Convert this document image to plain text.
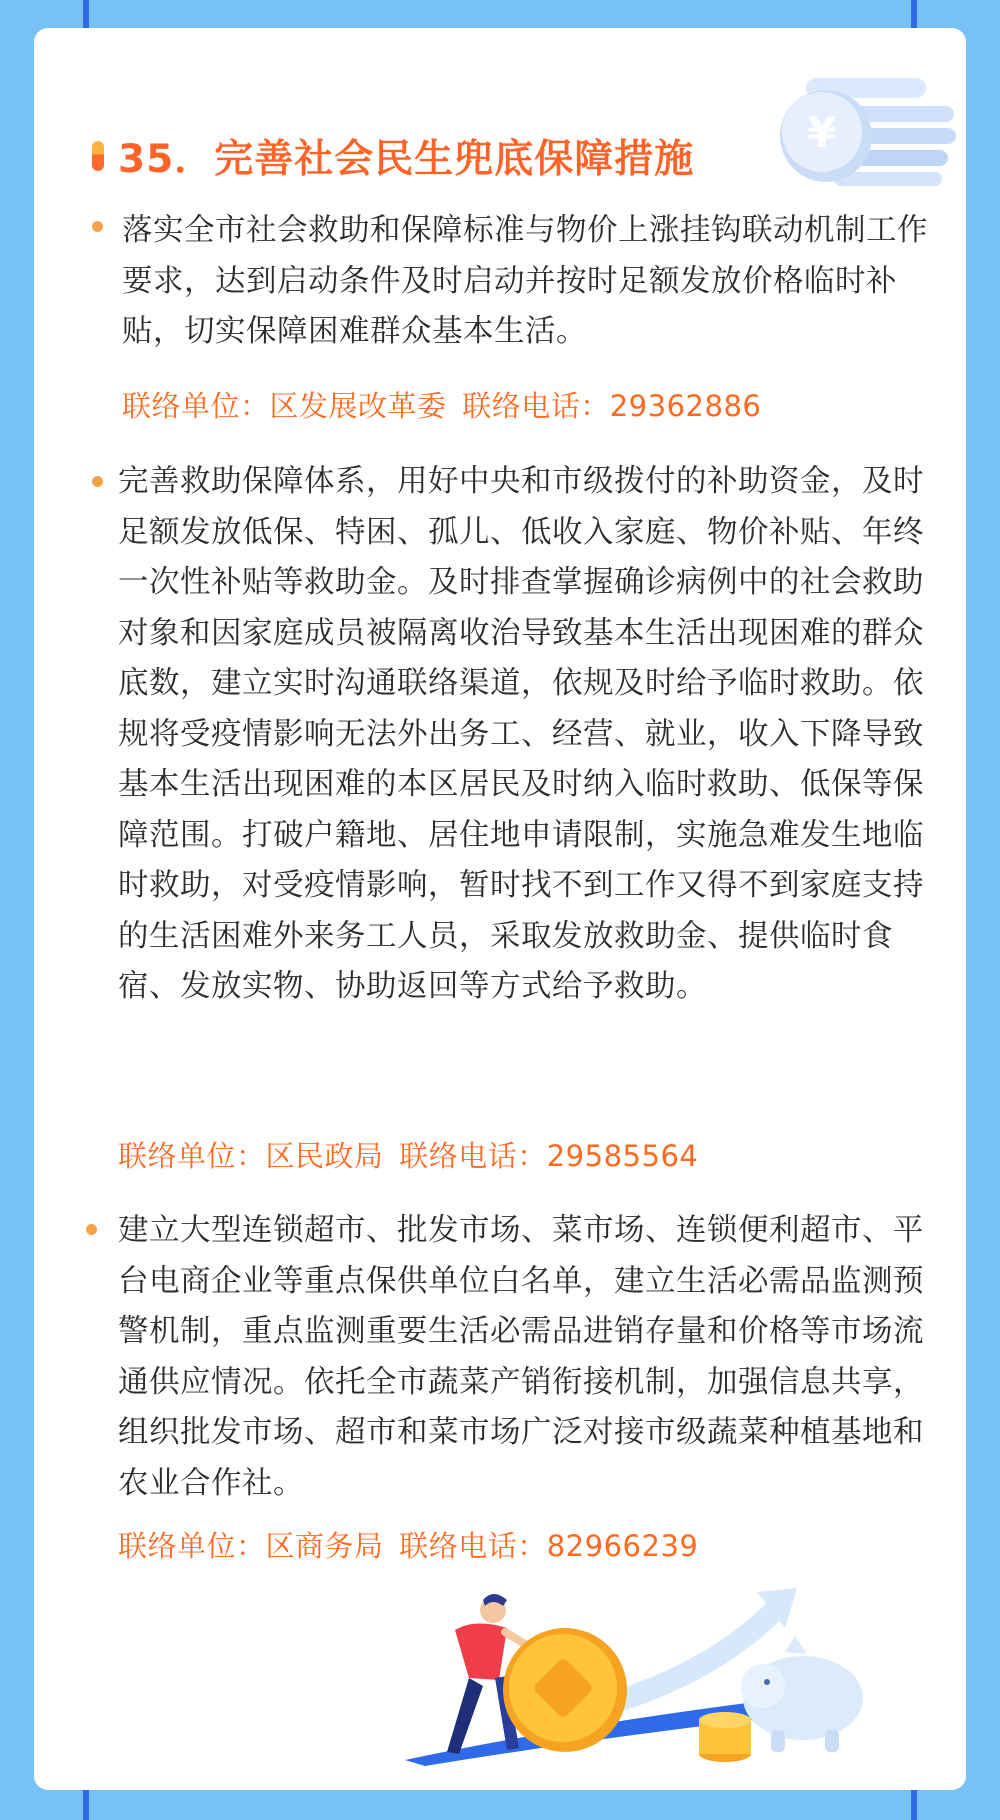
35．完善社会民生兜底保障措施
¥

落实全市社会救助和保障标准与物价上涨挂钩联动机制工作要求，达到启动条件及时启动并按时足额发放价格临时补贴，切实保障困难群众基本生活。

联络单位：区发展改革委 联络电话：29362886

完善救助保障体系，用好中央和市级拨付的补助资金，及时足额发放低保、特困、孤儿、低收入家庭、物价补贴、年终一次性补贴等救助金。及时排查掌握确诊病例中的社会救助对象和因家庭成员被隔离收治导致基本生活出现困难的群众底数，建立实时沟通联络渠道，依规及时给予临时救助。依规将受疫情影响无法外出务工、经营、就业，收入下降导致基本生活出现困难的本区居民及时纳入临时救助、低保等保障范围。打破户籍地、居住地申请限制，实施急难发生地临时救助，对受疫情影响，暂时找不到工作又得不到家庭支持的生活困难外来务工人员，采取发放救助金、提供临时食宿、发放实物、协助返回等方式给予救助。

联络单位：区民政局 联络电话：29585564

建立大型连锁超市、批发市场、菜市场、连锁便利超市、平台电商企业等重点保供单位白名单，建立生活必需品监测预警机制，重点监测重要生活必需品进销存量和价格等市场流通供应情况。依托全市蔬菜产销衔接机制，加强信息共享，组织批发市场、超市和菜市场广泛对接市级蔬菜种植基地和农业合作社。

联络单位：区商务局 联络电话：82966239
